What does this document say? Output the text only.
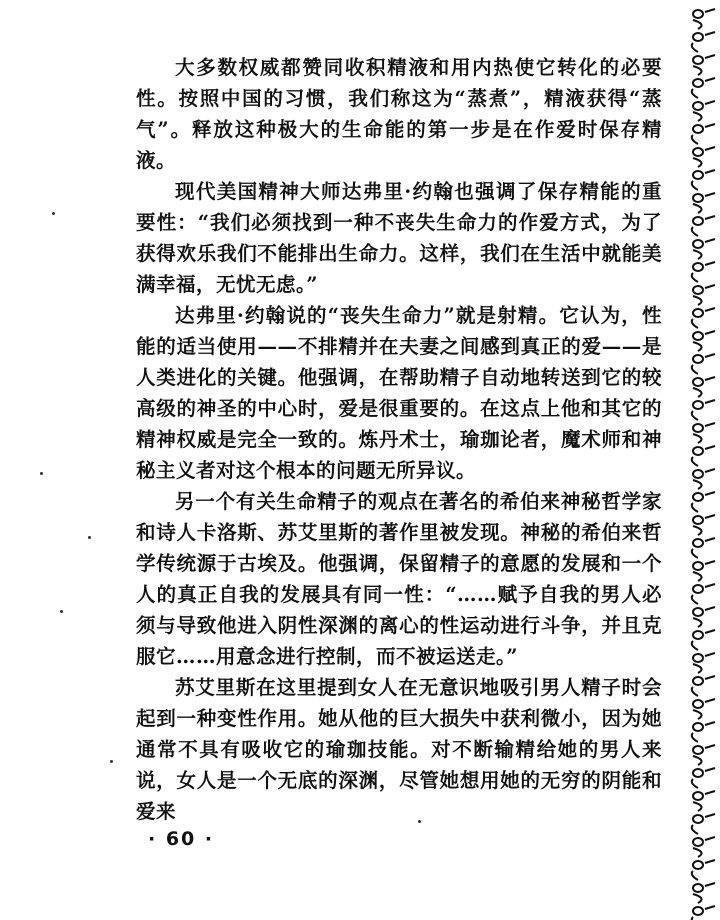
大多数权威都赞同收积精液和用内热使它转化的必要性。按照中国的习惯，我们称这为“蒸煮”，精液获得“蒸气”。释放这种极大的生命能的第一步是在作爱时保存精液。

现代美国精神大师达弗里·约翰也强调了保存精能的重要性：“我们必须找到一种不丧失生命力的作爱方式，为了获得欢乐我们不能排出生命力。这样，我们在生活中就能美满幸福，无忧无虑。”

达弗里·约翰说的“丧失生命力”就是射精。它认为，性能的适当使用——不排精并在夫妻之间感到真正的爱——是人类进化的关键。他强调，在帮助精子自动地转送到它的较高级的神圣的中心时，爱是很重要的。在这点上他和其它的精神权威是完全一致的。炼丹术士，瑜珈论者，魔术师和神秘主义者对这个根本的问题无所异议。

另一个有关生命精子的观点在著名的希伯来神秘哲学家和诗人卡洛斯、苏艾里斯的著作里被发现。神秘的希伯来哲学传统源于古埃及。他强调，保留精子的意愿的发展和一个人的真正自我的发展具有同一性：“……赋予自我的男人必须与导致他进入阴性深渊的离心的性运动进行斗争，并且克服它……用意念进行控制，而不被运送走。”

苏艾里斯在这里提到女人在无意识地吸引男人精子时会起到一种变性作用。她从他的巨大损失中获利微小，因为她通常不具有吸收它的瑜珈技能。对不断输精给她的男人来说，女人是一个无底的深渊，尽管她想用她的无穷的阴能和爱来

· 60 ·
